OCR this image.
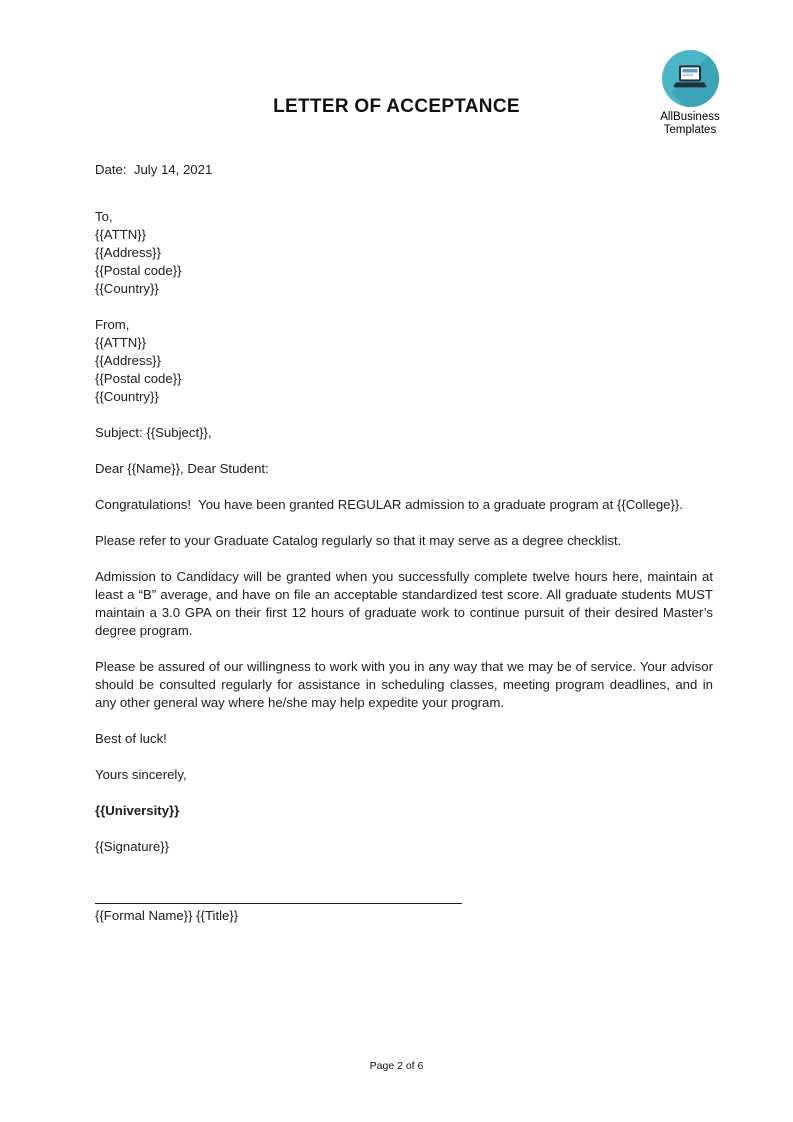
LETTER OF ACCEPTANCE	AllBusiness
Templates

Date:  July 14, 2021

To,
{{ATTN}}
{{Address}}
{{Postal code}}
{{Country}}
From,
{{ATTN}}
{{Address}}
{{Postal code}}
{{Country}}

Subject: {{Subject}},

Dear {{Name}}, Dear Student:

Congratulations!  You have been granted REGULAR admission to a graduate program at {{College}}.

Please refer to your Graduate Catalog regularly so that it may serve as a degree checklist.

Admission to Candidacy will be granted when you successfully complete twelve hours here, maintain at least a “B” average, and have on file an acceptable standardized test score. All graduate students MUST maintain a 3.0 GPA on their first 12 hours of graduate work to continue pursuit of their desired Master’s degree program.

Please be assured of our willingness to work with you in any way that we may be of service. Your advisor should be consulted regularly for assistance in scheduling classes, meeting program deadlines, and in any other general way where he/she may help expedite your program.

Best of luck!

Yours sincerely,

{{University}}

{{Signature}}

{{Formal Name}} {{Title}}
Page 2 of 6
